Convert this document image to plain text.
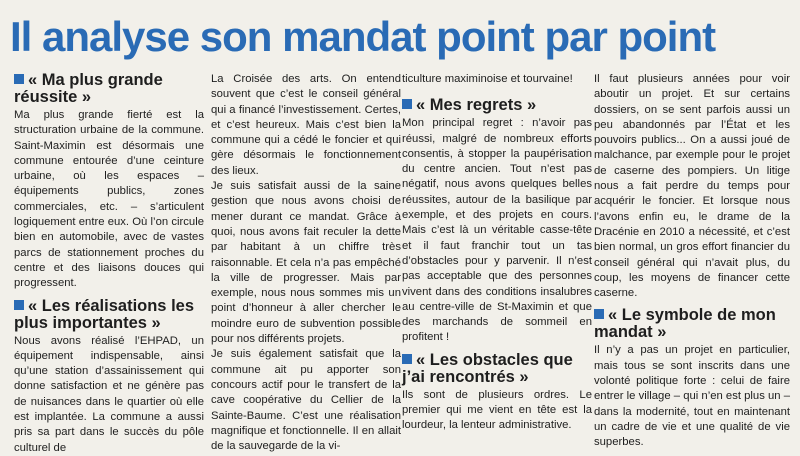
Il analyse son mandat point par point
« Ma plus grande réussite »

Ma plus grande fierté est la structuration urbaine de la commune. Saint-Maximin est désormais une commune entourée d’une ceinture urbaine, où les espaces – équipements publics, zones commerciales, etc. – s’articulent logiquement entre eux. Où l’on circule bien en automobile, avec de vastes parcs de stationnement proches du centre et des liaisons douces qui progressent.

« Les réalisations les plus importantes »

Nous avons réalisé l’EHPAD, un équipement indispensable, ainsi qu’une station d’assainissement qui donne satisfaction et ne génère pas de nuisances dans le quartier où elle est implantée. La commune a aussi pris sa part dans le succès du pôle culturel de

La Croisée des arts. On entend souvent que c’est le conseil général qui a financé l’investissement. Certes, et c’est heureux. Mais c’est bien la commune qui a cédé le foncier et qui gère désormais le fonctionnement des lieux.

Je suis satisfait aussi de la saine gestion que nous avons choisi de mener durant ce mandat. Grâce à quoi, nous avons fait reculer la dette par habitant à un chiffre très raisonnable. Et cela n’a pas empêché la ville de progresser. Mais par exemple, nous nous sommes mis un point d’honneur à aller chercher le moindre euro de subvention possible pour nos différents projets.

Je suis également satisfait que la commune ait pu apporter son concours actif pour le transfert de la cave coopérative du Cellier de la Sainte-Baume. C’est une réalisation magnifique et fonctionnelle. Il en allait de la sauvegarde de la vi-

ticulture maximinoise et tourvaine!

« Mes regrets »

Mon principal regret : n’avoir pas réussi, malgré de nombreux efforts consentis, à stopper la paupérisation du centre ancien. Tout n’est pas négatif, nous avons quelques belles réussites, autour de la basilique par exemple, et des projets en cours. Mais c’est là un véritable casse-tête et il faut franchir tout un tas d’obstacles pour y parvenir. Il n’est pas acceptable que des personnes vivent dans des conditions insalubres au centre-ville de St-Maximin et que des marchands de sommeil en profitent !

« Les obstacles que j’ai rencontrés »

Ils sont de plusieurs ordres. Le premier qui me vient en tête est la lourdeur, la lenteur administrative.

Il faut plusieurs années pour voir aboutir un projet. Et sur certains dossiers, on se sent parfois aussi un peu abandonnés par l’État et les pouvoirs publics... On a aussi joué de malchance, par exemple pour le projet de caserne des pompiers. Un litige nous a fait perdre du temps pour acquérir le foncier. Et lorsque nous l’avons enfin eu, le drame de la Dracénie en 2010 a nécessité, et c’est bien normal, un gros effort financier du conseil général qui n’avait plus, du coup, les moyens de financer cette caserne.

« Le symbole de mon mandat »

Il n’y a pas un projet en particulier, mais tous se sont inscrits dans une volonté politique forte : celui de faire entrer le village – qui n’en est plus un – dans la modernité, tout en maintenant un cadre de vie et une qualité de vie superbes.
